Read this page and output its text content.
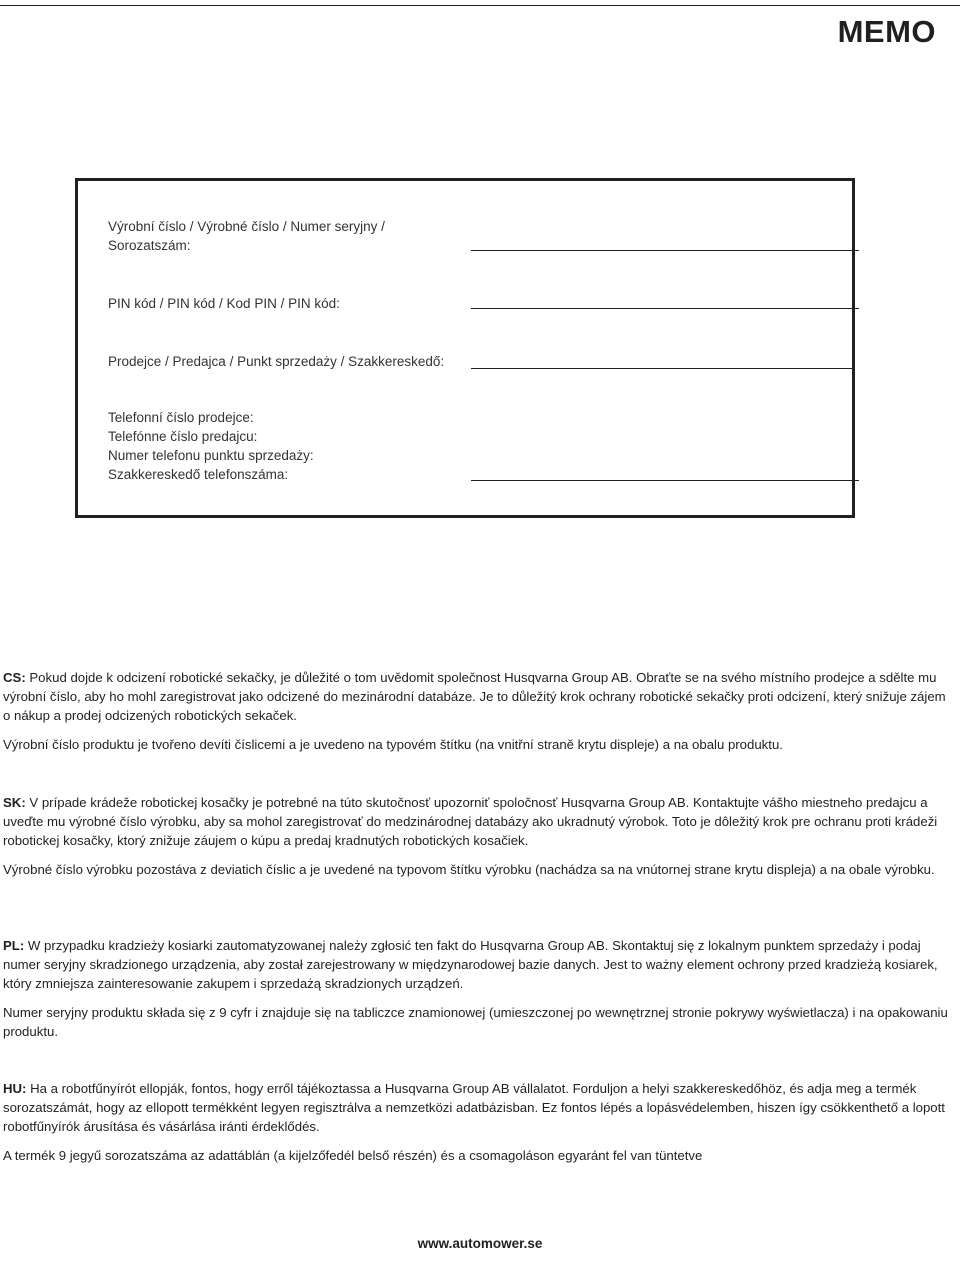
MEMO
Výrobní číslo / Výrobné číslo / Numer seryjny /
Sorozatszám:
PIN kód / PIN kód / Kod PIN / PIN kód:
Prodejce / Predajca / Punkt sprzedaży / Szakkereskedő:
Telefonní číslo prodejce:
Telefónne číslo predajcu:
Numer telefonu punktu sprzedaży:
Szakkereskedő telefonszáma:

CS: Pokud dojde k odcizení robotické sekačky, je důležité o tom uvědomit společnost Husqvarna Group AB. Obraťte se na svého místního prodejce a sdělte mu výrobní číslo, aby ho mohl zaregistrovat jako odcizené do mezinárodní databáze. Je to důležitý krok ochrany robotické sekačky proti odcizení, který snižuje zájem o nákup a prodej odcizených robotických sekaček.

Výrobní číslo produktu je tvořeno devíti číslicemi a je uvedeno na typovém štítku (na vnitřní straně krytu displeje) a na obalu produktu.

SK: V prípade krádeže robotickej kosačky je potrebné na túto skutočnosť upozorniť spoločnosť Husqvarna Group AB. Kontaktujte vášho miestneho predajcu a uveďte mu výrobné číslo výrobku, aby sa mohol zaregistrovať do medzinárodnej databázy ako ukradnutý výrobok. Toto je dôležitý krok pre ochranu proti krádeži robotickej kosačky, ktorý znižuje záujem o kúpu a predaj kradnutých robotických kosačiek.

Výrobné číslo výrobku pozostáva z deviatich číslic a je uvedené na typovom štítku výrobku (nachádza sa na vnútornej strane krytu displeja) a na obale výrobku.

PL: W przypadku kradzieży kosiarki zautomatyzowanej należy zgłosić ten fakt do Husqvarna Group AB. Skontaktuj się z lokalnym punktem sprzedaży i podaj numer seryjny skradzionego urządzenia, aby został zarejestrowany w międzynarodowej bazie danych. Jest to ważny element ochrony przed kradzieżą kosiarek, który zmniejsza zainteresowanie zakupem i sprzedażą skradzionych urządzeń.

Numer seryjny produktu składa się z 9 cyfr i znajduje się na tabliczce znamionowej (umieszczonej po wewnętrznej stronie pokrywy wyświetlacza) i na opakowaniu produktu.

HU: Ha a robotfűnyírót ellopják, fontos, hogy erről tájékoztassa a Husqvarna Group AB vállalatot. Forduljon a helyi szakkereskedőhöz, és adja meg a termék sorozatszámát, hogy az ellopott termékként legyen regisztrálva a nemzetközi adatbázisban. Ez fontos lépés a lopásvédelemben, hiszen így csökkenthető a lopott robotfűnyírók árusítása és vásárlása iránti érdeklődés.

A termék 9 jegyű sorozatszáma az adattáblán (a kijelzőfedél belső részén) és a csomagoláson egyaránt fel van tüntetve

www.automower.se
